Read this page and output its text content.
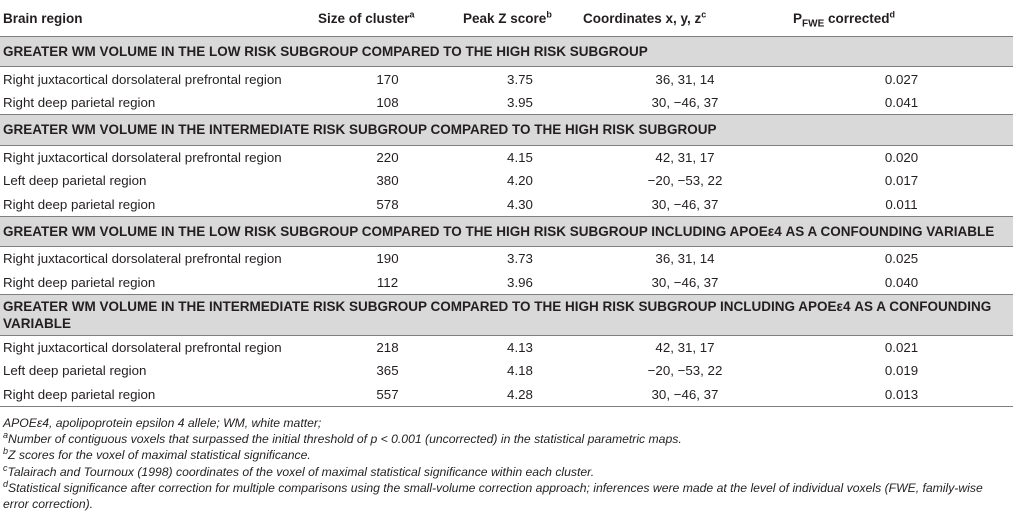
Brain region	Size of cluster$^a$	Peak Z score$^b$	Coordinates x, y, $z^c$	$P_{FWE}$ corrected$^d$
GREATER WM VOLUME IN THE LOW RISK SUBGROUP COMPARED TO THE HIGH RISK SUBGROUP				
Right juxtacortical dorsolateral prefrontal region	170	3.75	36, 31, 14	0.027
Right deep parietal region	108	3.95	30, −46, 37	0.041
GREATER WM VOLUME IN THE INTERMEDIATE RISK SUBGROUP COMPARED TO THE HIGH RISK SUBGROUP				
Right juxtacortical dorsolateral prefrontal region	220	4.15	42, 31, 17	0.020
Left deep parietal region	380	4.20	−20, −53, 22	0.017
Right deep parietal region	578	4.30	30, −46, 37	0.011
GREATER WM VOLUME IN THE LOW RISK SUBGROUP COMPARED TO THE HIGH RISK SUBGROUP INCLUDING APOEε4 AS A CONFOUNDING VARIABLE				
Right juxtacortical dorsolateral prefrontal region	190	3.73	36, 31, 14	0.025
Right deep parietal region	112	3.96	30, −46, 37	0.040
GREATER WM VOLUME IN THE INTERMEDIATE RISK SUBGROUP COMPARED TO THE HIGH RISK SUBGROUP INCLUDING APOEε4 AS A CONFOUNDING VARIABLE				
Right juxtacortical dorsolateral prefrontal region	218	4.13	42, 31, 17	0.021
Left deep parietal region	365	4.18	−20, −53, 22	0.019
Right deep parietal region	557	4.28	30, −46, 37	0.013
APOEε4, apolipoprotein epsilon 4 allele; WM, white matter;
$^a$Number of contiguous voxels that surpassed the initial threshold of p < 0.001 (uncorrected) in the statistical parametric maps.
$^b$Z scores for the voxel of maximal statistical significance.
$^c$Talairach and Tournoux (1998) coordinates of the voxel of maximal statistical significance within each cluster.
$^d$Statistical significance after correction for multiple comparisons using the small-volume correction approach; inferences were made at the level of individual voxels (FWE, family-wise error correction).
